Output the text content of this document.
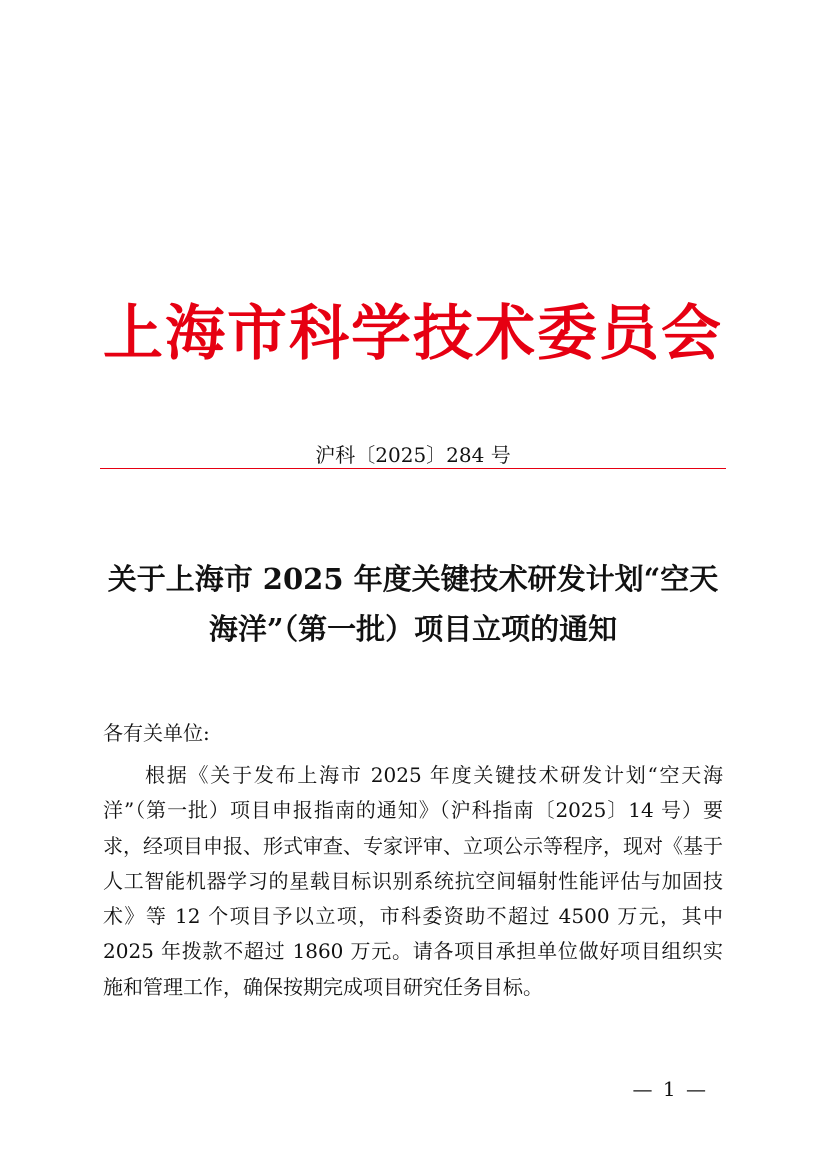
上海市科学技术委员会
沪科〔2025〕284 号
关于上海市 2025 年度关键技术研发计划“空天海洋”（第一批）项目立项的通知
各有关单位:
根据《关于发布上海市 2025 年度关键技术研发计划“空天海洋”（第一批）项目申报指南的通知》（沪科指南〔2025〕14 号）要求，经项目申报、形式审查、专家评审、立项公示等程序，现对《基于人工智能机器学习的星载目标识别系统抗空间辐射性能评估与加固技术》等 12 个项目予以立项，市科委资助不超过 4500 万元，其中 2025 年拨款不超过 1860 万元。请各项目承担单位做好项目组织实施和管理工作，确保按期完成项目研究任务目标。
— 1 —
